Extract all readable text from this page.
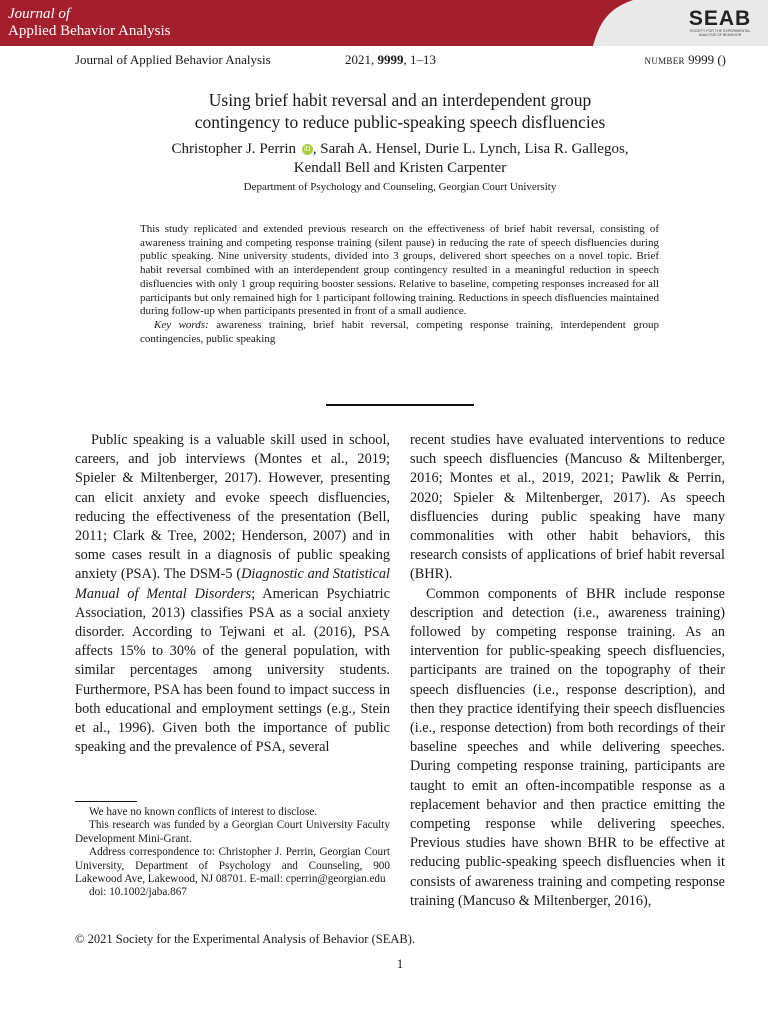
Journal of
Applied Behavior Analysis
SEAB
SOCIETY FOR THE EXPERIMENTAL
ANALYSIS OF BEHAVIOR
Journal of Applied Behavior Analysis	2021, 9999, 1–13	number 9999 ()
Using brief habit reversal and an interdependent group
contingency to reduce public-speaking speech disfluencies
Christopher J. Perrin iD , Sarah A. Hensel, Durie L. Lynch, Lisa R. Gallegos,
Kendall Bell and Kristen Carpenter
Department of Psychology and Counseling, Georgian Court University

This study replicated and extended previous research on the effectiveness of brief habit reversal, consisting of awareness training and competing response training (silent pause) in reducing the rate of speech disfluencies during public speaking. Nine university students, divided into 3 groups, delivered short speeches on a novel topic. Brief habit reversal combined with an interdependent group contingency resulted in a meaningful reduction in speech disfluencies with only 1 group requiring booster sessions. Relative to baseline, competing responses increased for all participants but only remained high for 1 participant following training. Reductions in speech disfluencies maintained during follow-up when participants presented in front of a small audience.

Key words: awareness training, brief habit reversal, competing response training, interdependent group contingencies, public speaking

Public speaking is a valuable skill used in school, careers, and job interviews (Montes et al., 2019; Spieler & Miltenberger, 2017). However, presenting can elicit anxiety and evoke speech disfluencies, reducing the effectiveness of the presentation (Bell, 2011; Clark & Tree, 2002; Henderson, 2007) and in some cases result in a diagnosis of public speaking anxiety (PSA). The DSM-5 (Diagnostic and Statistical Manual of Mental Disorders; American Psychiatric Association, 2013) classifies PSA as a social anxiety disorder. According to Tejwani et al. (2016), PSA affects 15% to 30% of the general population, with similar percentages among university students. Furthermore, PSA has been found to impact success in both educational and employment settings (e.g., Stein et al., 1996). Given both the importance of public speaking and the prevalence of PSA, several

recent studies have evaluated interventions to reduce such speech disfluencies (Mancuso & Miltenberger, 2016; Montes et al., 2019, 2021; Pawlik & Perrin, 2020; Spieler & Miltenberger, 2017). As speech disfluencies during public speaking have many commonalities with other habit behaviors, this research consists of applications of brief habit reversal (BHR).

Common components of BHR include response description and detection (i.e., awareness training) followed by competing response training. As an intervention for public-speaking speech disfluencies, participants are trained on the topography of their speech disfluencies (i.e., response description), and then they practice identifying their speech disfluencies (i.e., response detection) from both recordings of their baseline speeches and while delivering speeches. During competing response training, participants are taught to emit an often-incompatible response as a replacement behavior and then practice emitting the competing response while delivering speeches. Previous studies have shown BHR to be effective at reducing public-speaking speech disfluencies when it consists of awareness training and competing response training (Mancuso & Miltenberger, 2016),

We have no known conflicts of interest to disclose.

This research was funded by a Georgian Court University Faculty Development Mini-Grant.

Address correspondence to: Christopher J. Perrin, Georgian Court University, Department of Psychology and Counseling, 900 Lakewood Ave, Lakewood, NJ 08701. E-mail: cperrin@georgian.edu

doi: 10.1002/jaba.867

© 2021 Society for the Experimental Analysis of Behavior (SEAB).
1
